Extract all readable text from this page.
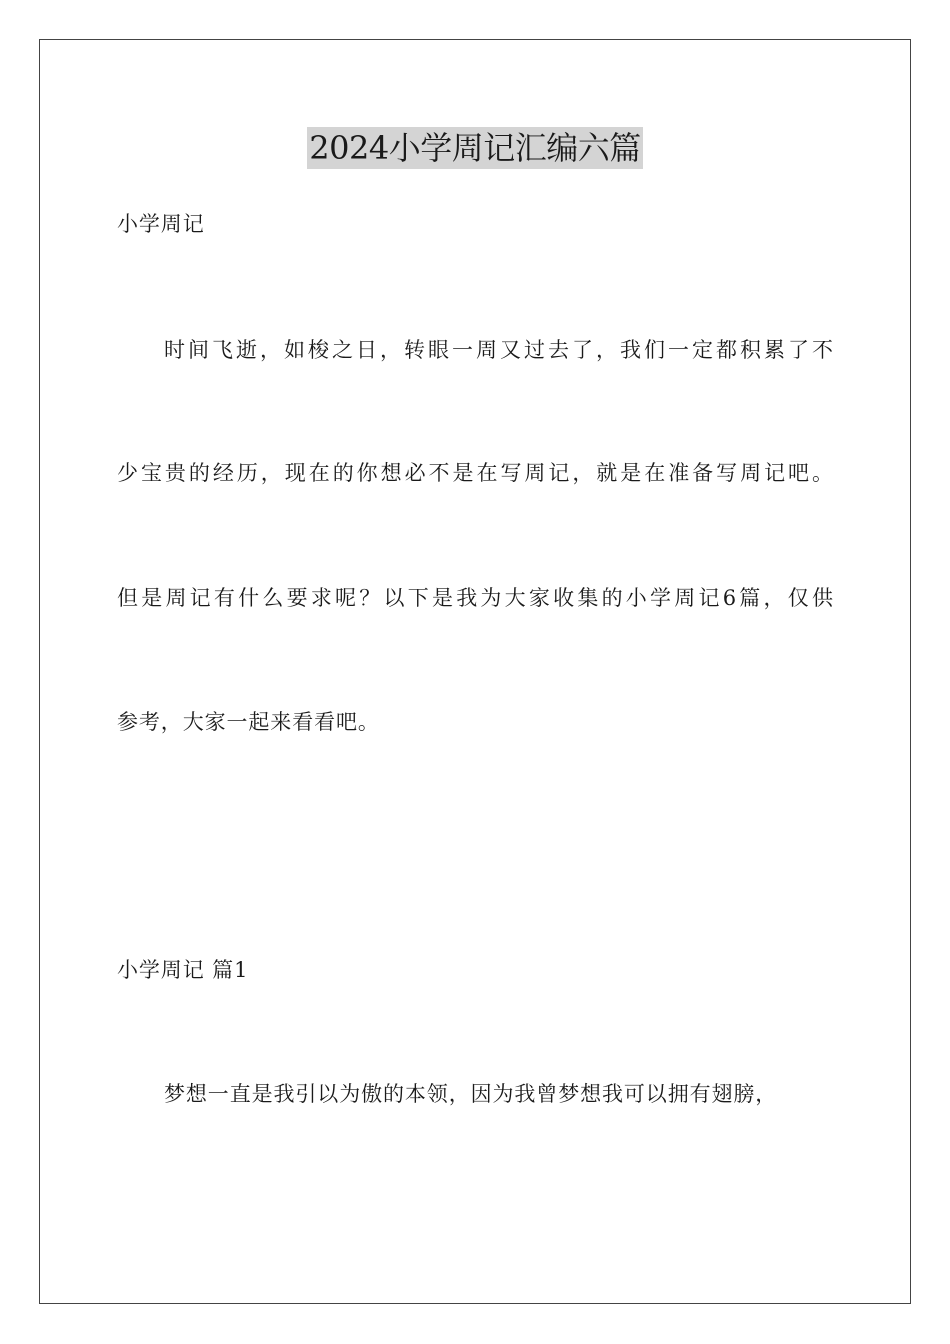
2024小学周记汇编六篇
小学周记
时间飞逝，如梭之日，转眼一周又过去了，我们一定都积累了不
少宝贵的经历，现在的你想必不是在写周记，就是在准备写周记吧。
但是周记有什么要求呢？以下是我为大家收集的小学周记6篇，仅供
参考，大家一起来看看吧。
小学周记 篇1
梦想一直是我引以为傲的本领，因为我曾梦想我可以拥有翅膀，
